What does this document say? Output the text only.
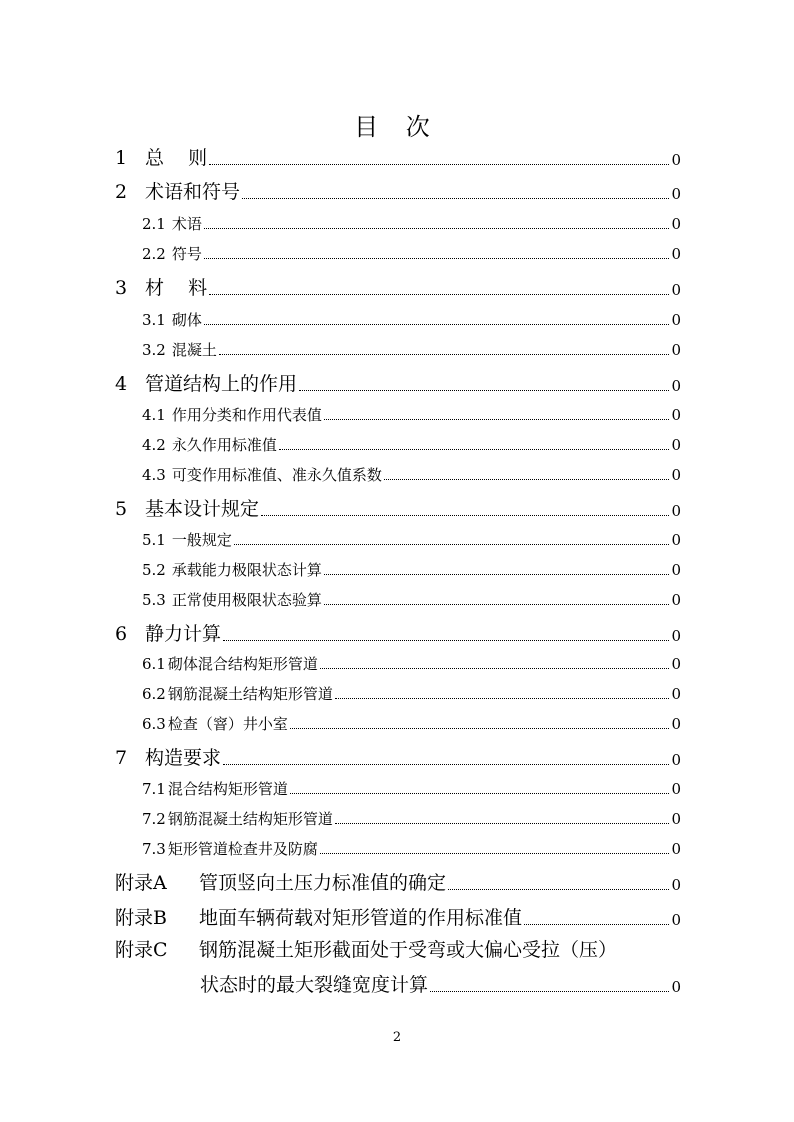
目 次
1 总    则	0
2 术语和符号	0
2.1 术语	0
2.2 符号	0
3 材    料	0
3.1 砌体	0
3.2 混凝土	0
4 管道结构上的作用	0
4.1 作用分类和作用代表值	0
4.2 永久作用标准值	0
4.3 可变作用标准值、准永久值系数	0
5 基本设计规定	0
5.1 一般规定	0
5.2 承载能力极限状态计算	0
5.3 正常使用极限状态验算	0
6 静力计算	0
6.1 砌体混合结构矩形管道	0
6.2 钢筋混凝土结构矩形管道	0
6.3 检查（窨）井小室	0
7 构造要求	0
7.1 混合结构矩形管道	0
7.2 钢筋混凝土结构矩形管道	0
7.3 矩形管道检查井及防腐	0
附录A	管顶竖向土压力标准值的确定	0
附录B	地面车辆荷载对矩形管道的作用标准值	0
附录C	钢筋混凝土矩形截面处于受弯或大偏心受拉（压）
状态时的最大裂缝宽度计算	0
2
